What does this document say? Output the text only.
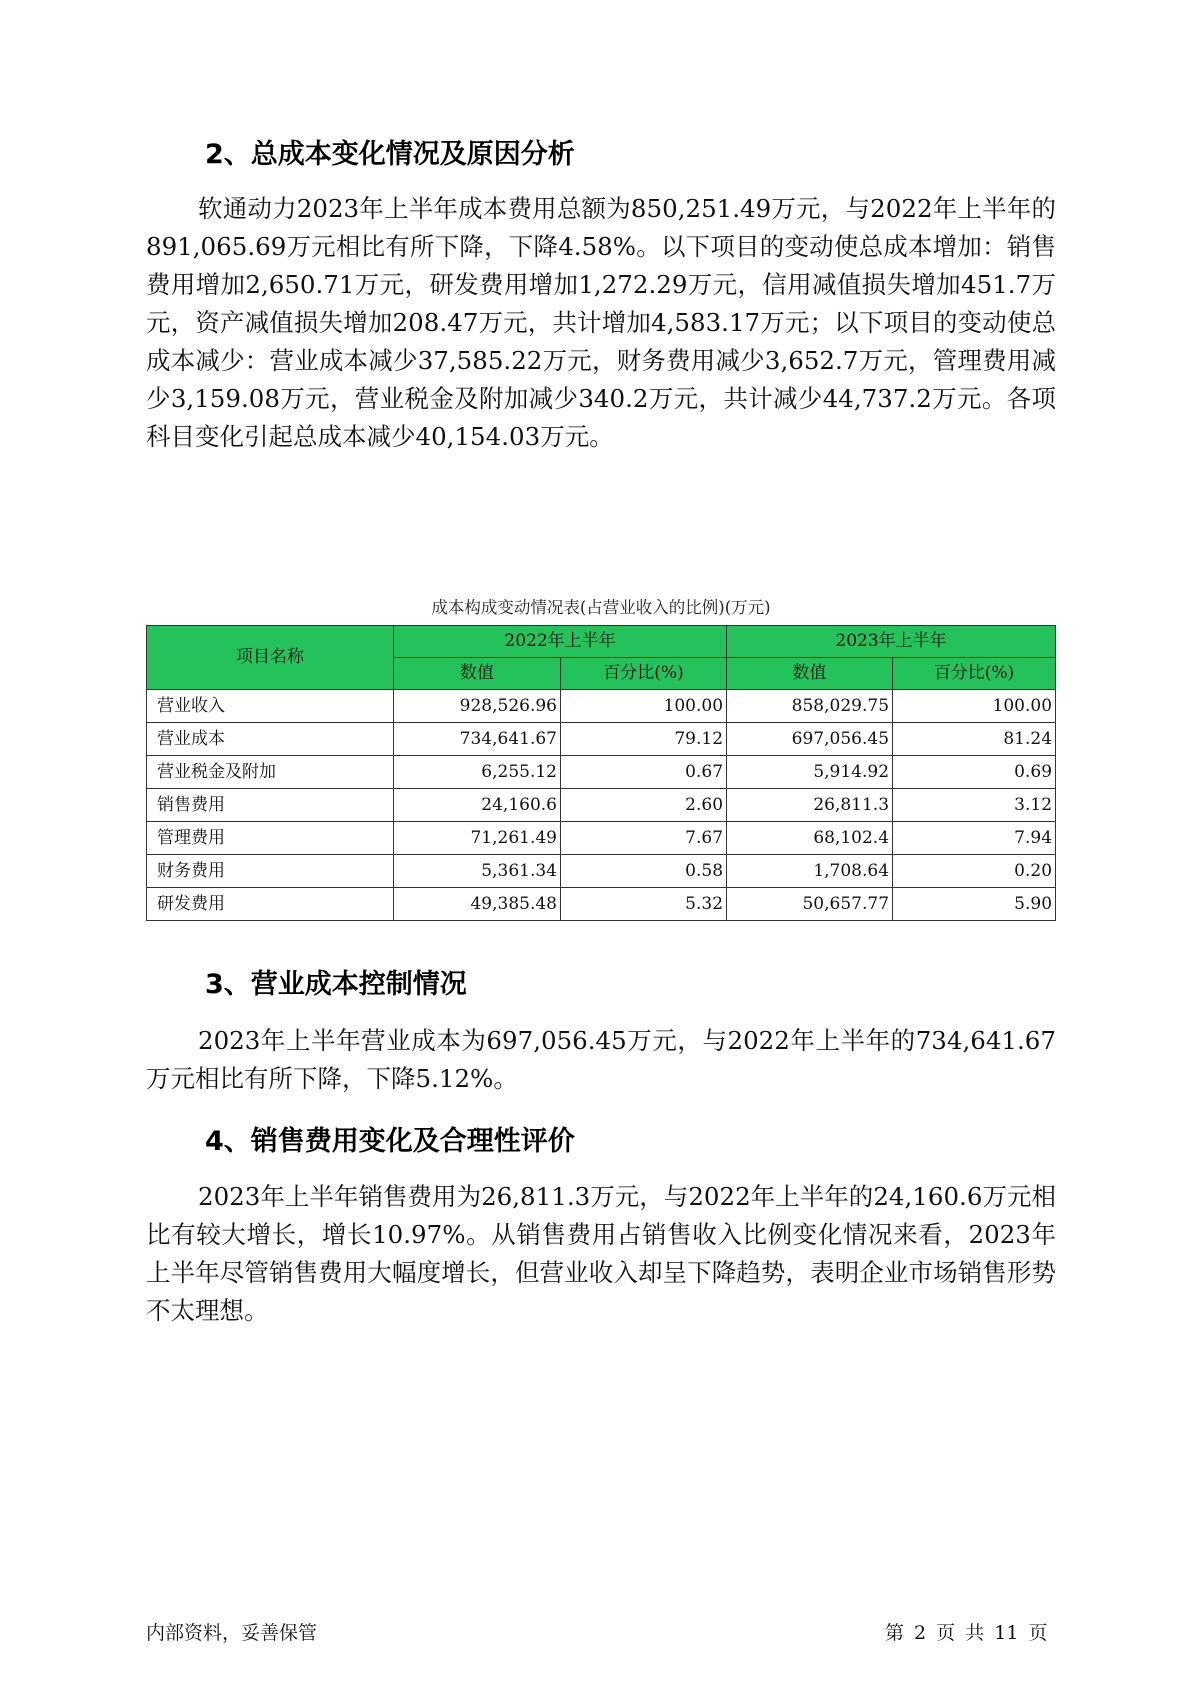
2、总成本变化情况及原因分析

软通动力2023年上半年成本费用总额为850,251.49万元，与2022年上半年的891,065.69万元相比有所下降，下降4.58%。以下项目的变动使总成本增加：销售费用增加2,650.71万元，研发费用增加1,272.29万元，信用减值损失增加451.7万元，资产减值损失增加208.47万元，共计增加4,583.17万元；以下项目的变动使总成本减少：营业成本减少37,585.22万元，财务费用减少3,652.7万元，管理费用减少3,159.08万元，营业税金及附加减少340.2万元，共计减少44,737.2万元。各项科目变化引起总成本减少40,154.03万元。

成本构成变动情况表(占营业收入的比例)(万元)
项目名称	2022年上半年		2023年上半年	
	数值	百分比(%)	数值	百分比(%)
营业收入	928,526.96	100.00	858,029.75	100.00
营业成本	734,641.67	79.12	697,056.45	81.24
营业税金及附加	6,255.12	0.67	5,914.92	0.69
销售费用	24,160.6	2.60	26,811.3	3.12
管理费用	71,261.49	7.67	68,102.4	7.94
财务费用	5,361.34	0.58	1,708.64	0.20
研发费用	49,385.48	5.32	50,657.77	5.90
3、营业成本控制情况

2023年上半年营业成本为697,056.45万元，与2022年上半年的734,641.67万元相比有所下降，下降5.12%。

4、销售费用变化及合理性评价

2023年上半年销售费用为26,811.3万元，与2022年上半年的24,160.6万元相比有较大增长，增长10.97%。从销售费用占销售收入比例变化情况来看，2023年上半年尽管销售费用大幅度增长，但营业收入却呈下降趋势，表明企业市场销售形势不太理想。

内部资料，妥善保管	第 2 页 共 11 页
